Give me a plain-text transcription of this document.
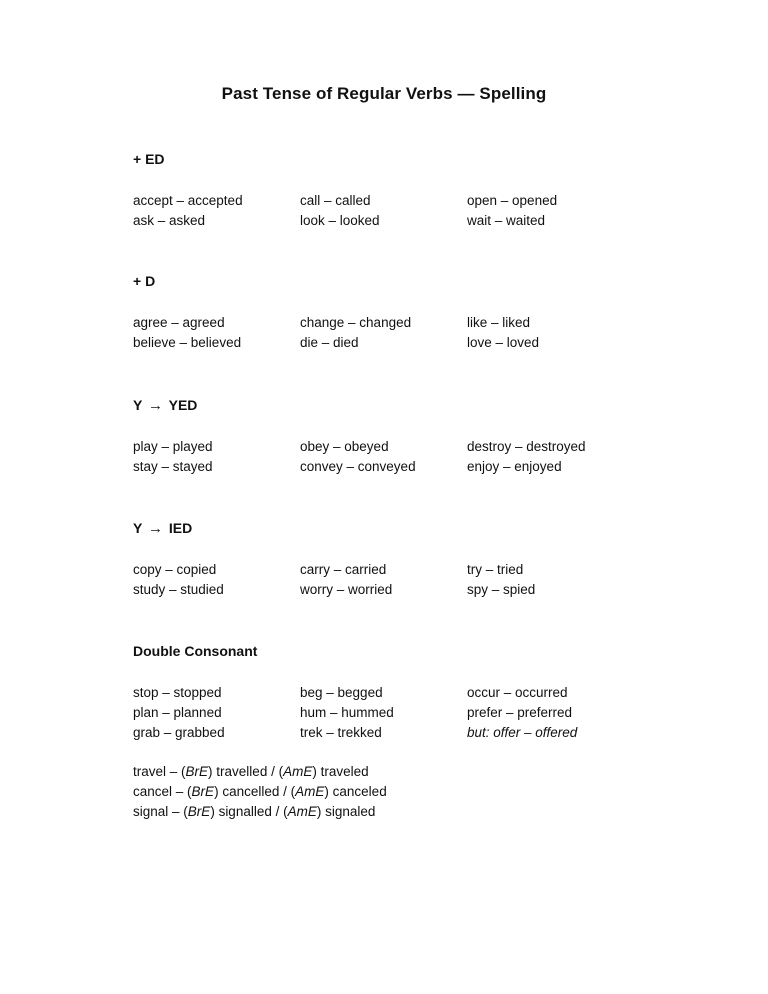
Past Tense of Regular Verbs — Spelling
+ ED
accept – accepted	call – called	open – opened
ask – asked	look – looked	wait – waited
+ D
agree – agreed	change – changed	like – liked
believe – believed	die – died	love – loved
Y → YED
play – played	obey – obeyed	destroy – destroyed
stay – stayed	convey – conveyed	enjoy – enjoyed
Y → IED
copy – copied	carry – carried	try – tried
study – studied	worry – worried	spy – spied
Double Consonant
stop – stopped	beg – begged	occur – occurred
plan – planned	hum – hummed	prefer – preferred
grab – grabbed	trek – trekked	but: offer – offered
travel – (BrE) travelled / (AmE) traveled
cancel – (BrE) cancelled / (AmE) canceled
signal – (BrE) signalled / (AmE) signaled
